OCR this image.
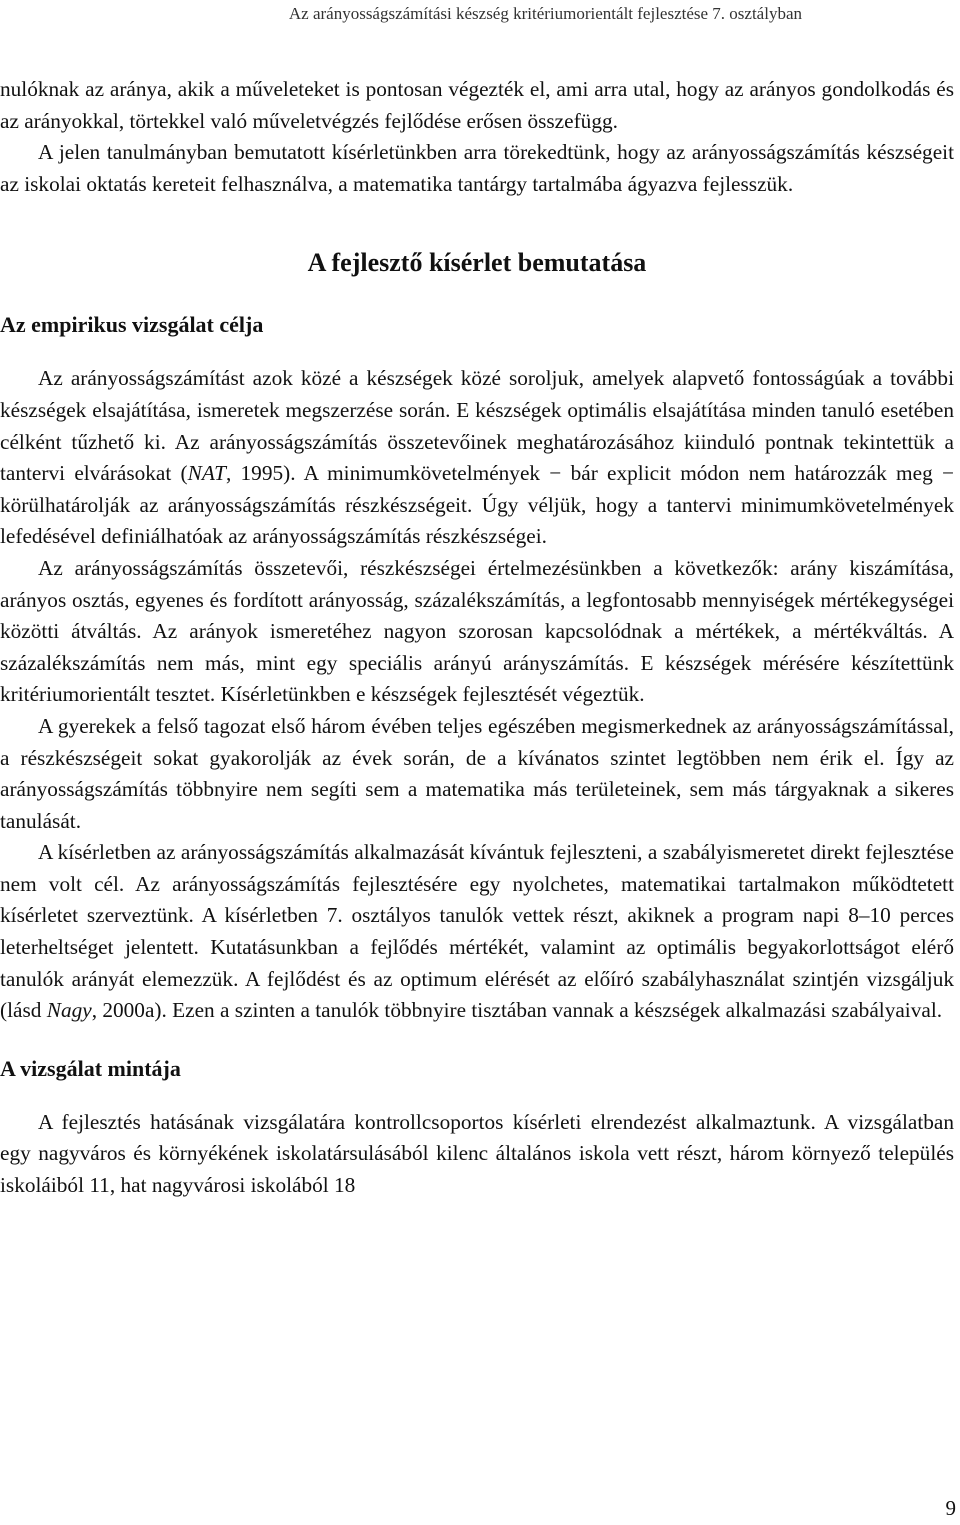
Az arányosságszámítási készség kritériumorientált fejlesztése 7. osztályban

nulóknak az aránya, akik a műveleteket is pontosan végezték el, ami arra utal, hogy az arányos gondolkodás és az arányokkal, törtekkel való műveletvégzés fejlődése erősen összefügg.

A jelen tanulmányban bemutatott kísérletünkben arra törekedtünk, hogy az arányosságszámítás készségeit az iskolai oktatás kereteit felhasználva, a matematika tantárgy tartalmába ágyazva fejlesszük.

A fejlesztő kísérlet bemutatása
Az empirikus vizsgálat célja

Az arányosságszámítást azok közé a készségek közé soroljuk, amelyek alapvető fontosságúak a további készségek elsajátítása, ismeretek megszerzése során. E készségek optimális elsajátítása minden tanuló esetében célként tűzhető ki. Az arányosságszámítás összetevőinek meghatározásához kiinduló pontnak tekintettük a tantervi elvárásokat (NAT, 1995). A minimumkövetelmények − bár explicit módon nem határozzák meg − körülhatárolják az arányosságszámítás részkészségeit. Úgy véljük, hogy a tantervi minimumkövetelmények lefedésével definiálhatóak az arányosságszámítás részkészségei.

Az arányosságszámítás összetevői, részkészségei értelmezésünkben a következők: arány kiszámítása, arányos osztás, egyenes és fordított arányosság, százalékszámítás, a legfontosabb mennyiségek mértékegységei közötti átváltás. Az arányok ismeretéhez nagyon szorosan kapcsolódnak a mértékek, a mértékváltás. A százalékszámítás nem más, mint egy speciális arányú arányszámítás. E készségek mérésére készítettünk kritériumorientált tesztet. Kísérletünkben e készségek fejlesztését végeztük.

A gyerekek a felső tagozat első három évében teljes egészében megismerkednek az arányosságszámítással, a részkészségeit sokat gyakorolják az évek során, de a kívánatos szintet legtöbben nem érik el. Így az arányosságszámítás többnyire nem segíti sem a matematika más területeinek, sem más tárgyaknak a sikeres tanulását.

A kísérletben az arányosságszámítás alkalmazását kívántuk fejleszteni, a szabályismeretet direkt fejlesztése nem volt cél. Az arányosságszámítás fejlesztésére egy nyolchetes, matematikai tartalmakon működtetett kísérletet szerveztünk. A kísérletben 7. osztályos tanulók vettek részt, akiknek a program napi 8–10 perces leterheltséget jelentett. Kutatásunkban a fejlődés mértékét, valamint az optimális begyakorlottságot elérő tanulók arányát elemezzük. A fejlődést és az optimum elérését az előíró szabályhasználat szintjén vizsgáljuk (lásd Nagy, 2000a). Ezen a szinten a tanulók többnyire tisztában vannak a készségek alkalmazási szabályaival.

A vizsgálat mintája

A fejlesztés hatásának vizsgálatára kontrollcsoportos kísérleti elrendezést alkalmaztunk. A vizsgálatban egy nagyváros és környékének iskolatársulásából kilenc általános iskola vett részt, három környező település iskoláiból 11, hat nagyvárosi iskolából 18

9
